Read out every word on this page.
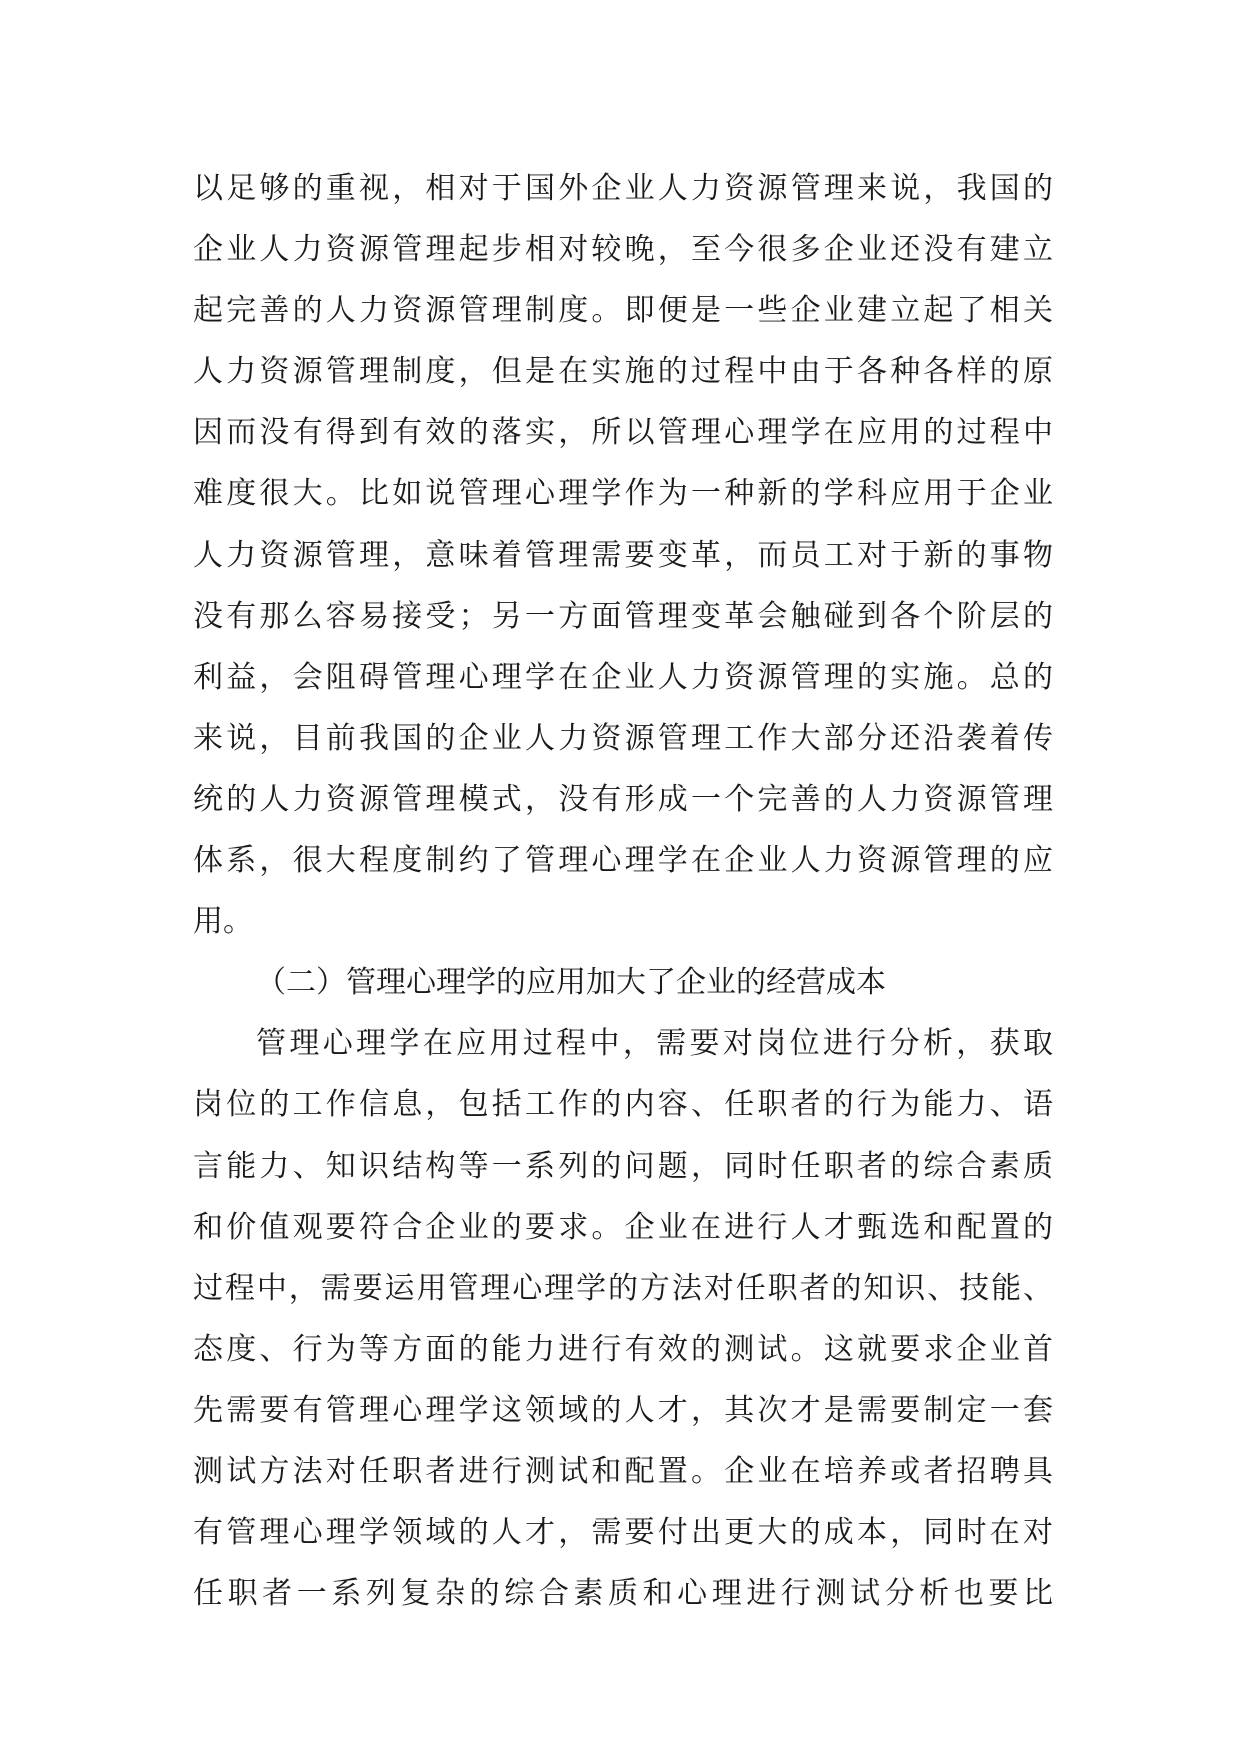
以足够的重视，相对于国外企业人力资源管理来说，我国的
企业人力资源管理起步相对较晚，至今很多企业还没有建立
起完善的人力资源管理制度。即便是一些企业建立起了相关
人力资源管理制度，但是在实施的过程中由于各种各样的原
因而没有得到有效的落实，所以管理心理学在应用的过程中
难度很大。比如说管理心理学作为一种新的学科应用于企业
人力资源管理，意味着管理需要变革，而员工对于新的事物
没有那么容易接受；另一方面管理变革会触碰到各个阶层的
利益，会阻碍管理心理学在企业人力资源管理的实施。总的
来说，目前我国的企业人力资源管理工作大部分还沿袭着传
统的人力资源管理模式，没有形成一个完善的人力资源管理
体系，很大程度制约了管理心理学在企业人力资源管理的应
用。
（二）管理心理学的应用加大了企业的经营成本
管理心理学在应用过程中，需要对岗位进行分析，获取
岗位的工作信息，包括工作的内容、任职者的行为能力、语
言能力、知识结构等一系列的问题，同时任职者的综合素质
和价值观要符合企业的要求。企业在进行人才甄选和配置的
过程中，需要运用管理心理学的方法对任职者的知识、技能、
态度、行为等方面的能力进行有效的测试。这就要求企业首
先需要有管理心理学这领域的人才，其次才是需要制定一套
测试方法对任职者进行测试和配置。企业在培养或者招聘具
有管理心理学领域的人才，需要付出更大的成本，同时在对
任职者一系列复杂的综合素质和心理进行测试分析也要比
